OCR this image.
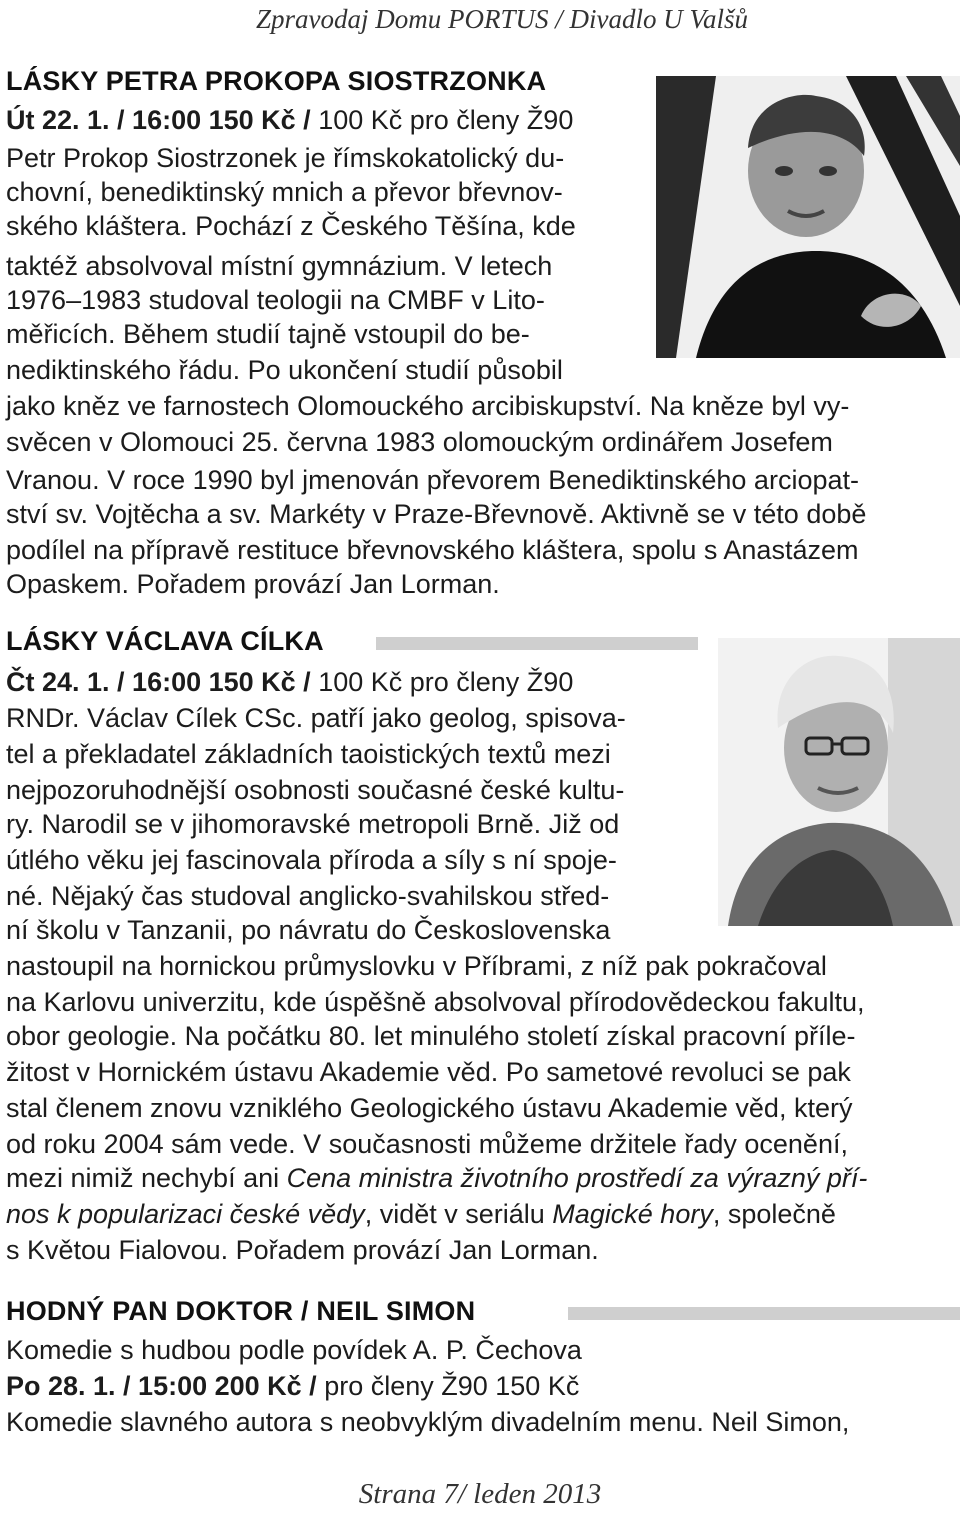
Zpravodaj Domu PORTUS / Divadlo U Valšů
LÁSKY PETRA PROKOPA SIOSTRZONKA
Út 22. 1. / 16:00 150 Kč / 100 Kč pro členy Ž90
Petr Prokop Siostrzonek je římskokatolický du-
chovní, benediktinský mnich a převor břevnov-
ského kláštera. Pochází z Českého Těšína, kde
taktéž absolvoval místní gymnázium. V letech
1976–1983 studoval teologii na CMBF v Lito-
měřicích. Během studií tajně vstoupil do be-
nediktinského řádu. Po ukončení studií působil
jako kněz ve farnostech Olomouckého arcibiskupství. Na kněze byl vy-
svěcen v Olomouci 25. června 1983 olomouckým ordinářem Josefem
Vranou. V roce 1990 byl jmenován převorem Benediktinského arciopat-
ství sv. Vojtěcha a sv. Markéty v Praze-Břevnově. Aktivně se v této době
podílel na přípravě restituce břevnovského kláštera, spolu s Anastázem
Opaskem. Pořadem provází Jan Lorman.
LÁSKY VÁCLAVA CÍLKA
Čt 24. 1. / 16:00 150 Kč / 100 Kč pro členy Ž90
RNDr. Václav Cílek CSc. patří jako geolog, spisova-
tel a překladatel základních taoistických textů mezi
nejpozoruhodnější osobnosti současné české kultu-
ry. Narodil se v jihomoravské metropoli Brně. Již od
útlého věku jej fascinovala příroda a síly s ní spoje-
né. Nějaký čas studoval anglicko-svahilskou střed-
ní školu v Tanzanii, po návratu do Československa
nastoupil na hornickou průmyslovku v Příbrami, z níž pak pokračoval
na Karlovu univerzitu, kde úspěšně absolvoval přírodovědeckou fakultu,
obor geologie. Na počátku 80. let minulého století získal pracovní příle-
žitost v Hornickém ústavu Akademie věd. Po sametové revoluci se pak
stal členem znovu vzniklého Geologického ústavu Akademie věd, který
od roku 2004 sám vede. V současnosti můžeme držitele řady ocenění,
mezi nimiž nechybí ani Cena ministra životního prostředí za výrazný pří-
nos k popularizaci české vědy, vidět v seriálu Magické hory, společně
s Květou Fialovou. Pořadem provází Jan Lorman.
HODNÝ PAN DOKTOR / NEIL SIMON
Komedie s hudbou podle povídek A. P. Čechova
Po 28. 1. / 15:00 200 Kč / pro členy Ž90 150 Kč
Komedie slavného autora s neobvyklým divadelním menu. Neil Simon,
Strana 7/ leden 2013
